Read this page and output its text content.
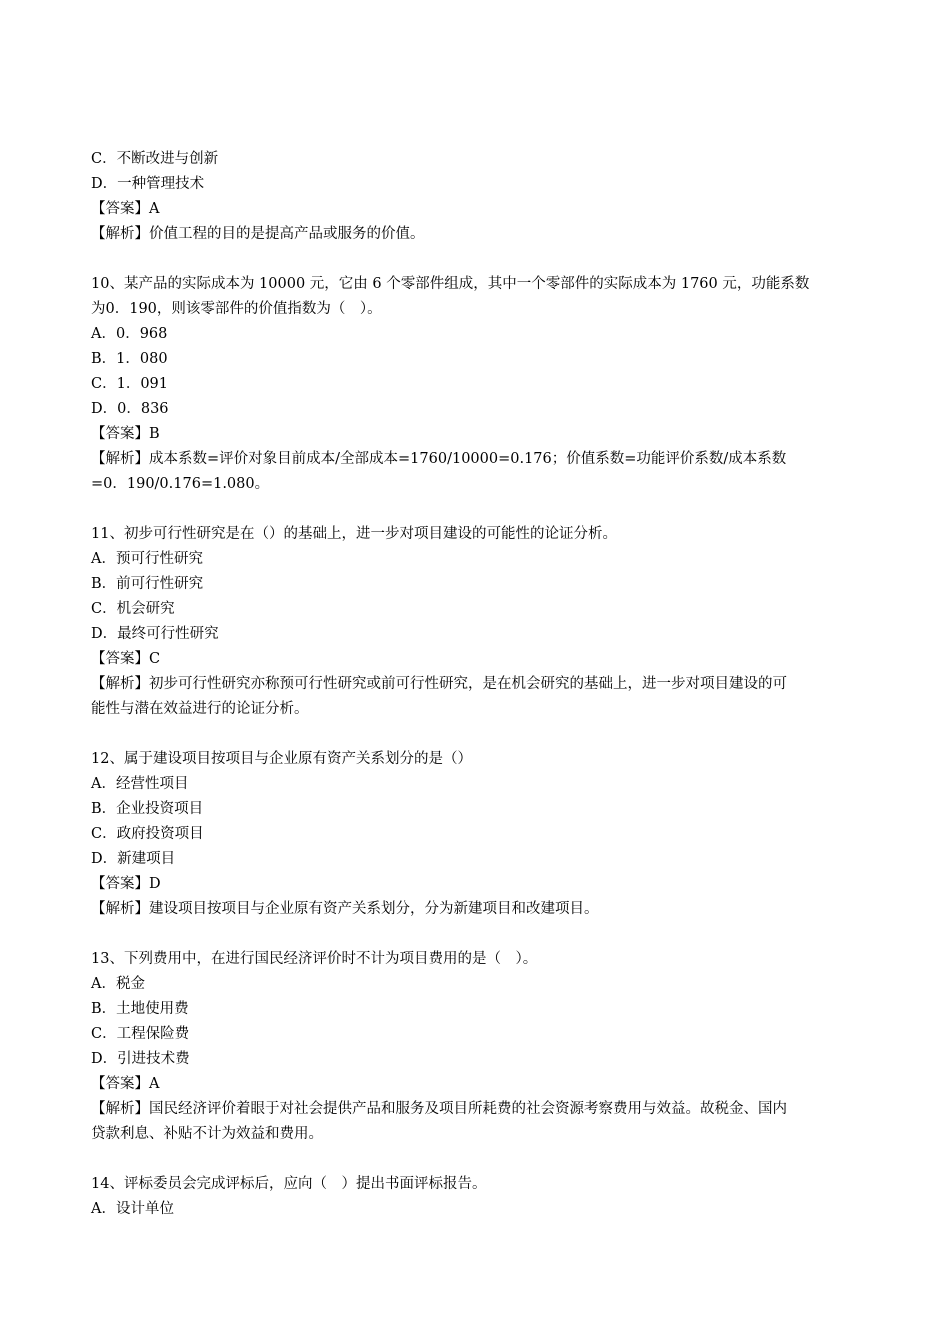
C．不断改进与创新
D．一种管理技术
【答案】A
【解析】价值工程的目的是提高产品或服务的价值。
10、某产品的实际成本为 10000 元，它由 6 个零部件组成，其中一个零部件的实际成本为 1760 元，功能系数
为0．190，则该零部件的价值指数为（　）。
A．0．968
B．1．080
C．1．091
D．0．836
【答案】B
【解析】成本系数=评价对象目前成本/全部成本=1760/10000=0.176；价值系数=功能评价系数/成本系数
=0．190/0.176=1.080。
11、初步可行性研究是在（）的基础上，进一步对项目建设的可能性的论证分析。
A．预可行性研究
B．前可行性研究
C．机会研究
D．最终可行性研究
【答案】C
【解析】初步可行性研究亦称预可行性研究或前可行性研究，是在机会研究的基础上，进一步对项目建设的可
能性与潜在效益进行的论证分析。
12、属于建设项目按项目与企业原有资产关系划分的是（）
A．经营性项目
B．企业投资项目
C．政府投资项目
D．新建项目
【答案】D
【解析】建设项目按项目与企业原有资产关系划分，分为新建项目和改建项目。
13、下列费用中，在进行国民经济评价时不计为项目费用的是（　）。
A．税金
B．土地使用费
C．工程保险费
D．引进技术费
【答案】A
【解析】国民经济评价着眼于对社会提供产品和服务及项目所耗费的社会资源考察费用与效益。故税金、国内
贷款利息、补贴不计为效益和费用。
14、评标委员会完成评标后，应向（　）提出书面评标报告。
A．设计单位
